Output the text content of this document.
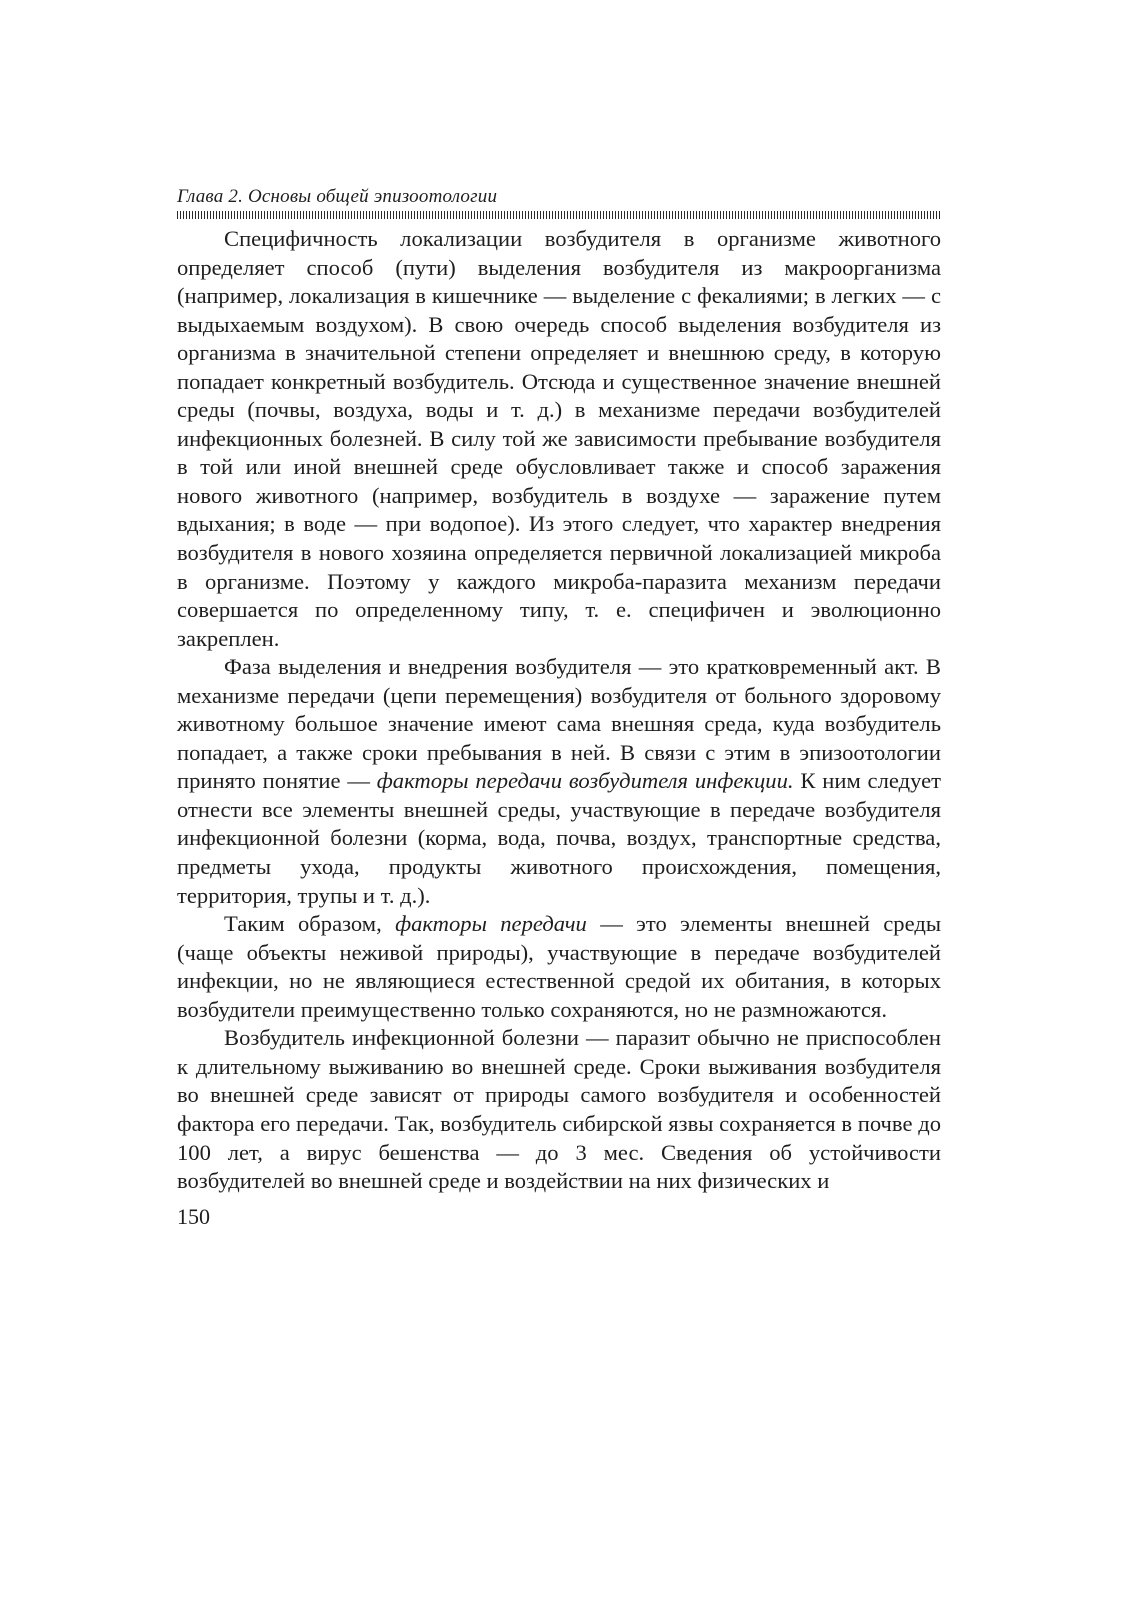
Глава 2. Основы общей эпизоотологии

Специфичность локализации возбудителя в организме животного определяет способ (пути) выделения возбудителя из макроорганизма (например, локализация в кишечнике — выделение с фекалиями; в легких — с выдыхаемым воздухом). В свою очередь способ выделения возбудителя из организма в значительной степени определяет и внешнюю среду, в которую попадает конкретный возбудитель. Отсюда и существенное значение внешней среды (почвы, воздуха, воды и т. д.) в механизме передачи возбудителей инфекционных болезней. В силу той же зависимости пребывание возбудителя в той или иной внешней среде обусловливает также и способ заражения нового животного (например, возбудитель в воздухе — заражение путем вдыхания; в воде — при водопое). Из этого следует, что характер внедрения возбудителя в нового хозяина определяется первичной локализацией микроба в организме. Поэтому у каждого микроба-паразита механизм передачи совершается по определенному типу, т. е. специфичен и эволюционно закреплен.

Фаза выделения и внедрения возбудителя — это кратковременный акт. В механизме передачи (цепи перемещения) возбудителя от больного здоровому животному большое значение имеют сама внешняя среда, куда возбудитель попадает, а также сроки пребывания в ней. В связи с этим в эпизоотологии принято понятие — факторы передачи возбудителя инфекции. К ним следует отнести все элементы внешней среды, участвующие в передаче возбудителя инфекционной болезни (корма, вода, почва, воздух, транспортные средства, предметы ухода, продукты животного происхождения, помещения, территория, трупы и т. д.).

Таким образом, факторы передачи — это элементы внешней среды (чаще объекты неживой природы), участвующие в передаче возбудителей инфекции, но не являющиеся естественной средой их обитания, в которых возбудители преимущественно только сохраняются, но не размножаются.

Возбудитель инфекционной болезни — паразит обычно не приспособлен к длительному выживанию во внешней среде. Сроки выживания возбудителя во внешней среде зависят от природы самого возбудителя и особенностей фактора его передачи. Так, возбудитель сибирской язвы сохраняется в почве до 100 лет, а вирус бешенства — до 3 мес. Сведения об устойчивости возбудителей во внешней среде и воздействии на них физических и

150
